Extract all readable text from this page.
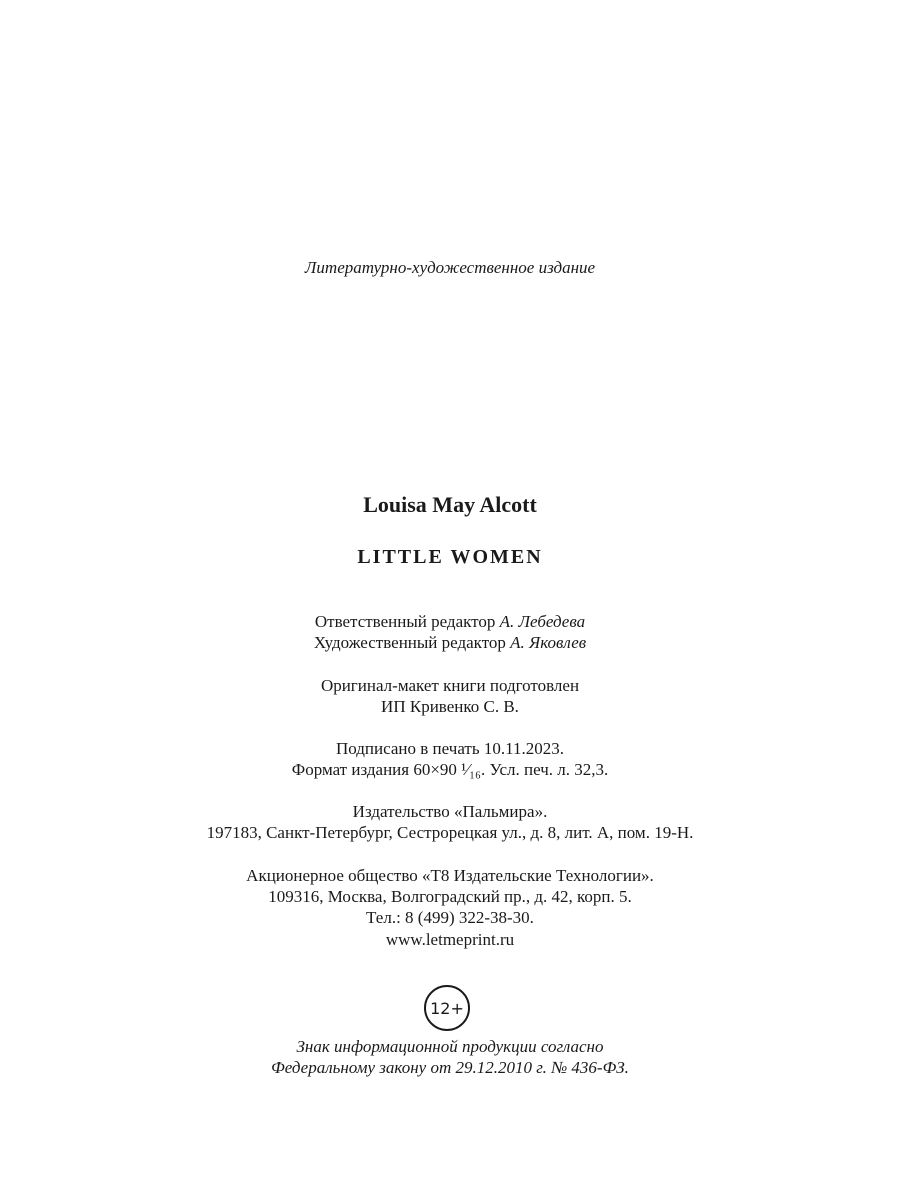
Литературно-художественное издание
Louisa May Alcott
LITTLE WOMEN
Ответственный редактор А. Лебедева
Художественный редактор А. Яковлев
Оригинал-макет книги подготовлен
ИП Кривенко С. В.
Подписано в печать 10.11.2023.
Формат издания 60×90 ¹⁄₁₆. Усл. печ. л. 32,3.
Издательство «Пальмира».
197183, Санкт-Петербург, Сестрорецкая ул., д. 8, лит. А, пом. 19-Н.
Акционерное общество «Т8 Издательские Технологии».
109316, Москва, Волгоградский пр., д. 42, корп. 5.
Тел.: 8 (499) 322-38-30.
www.letmeprint.ru
12+
Знак информационной продукции согласно
Федеральному закону от 29.12.2010 г. № 436-ФЗ.
